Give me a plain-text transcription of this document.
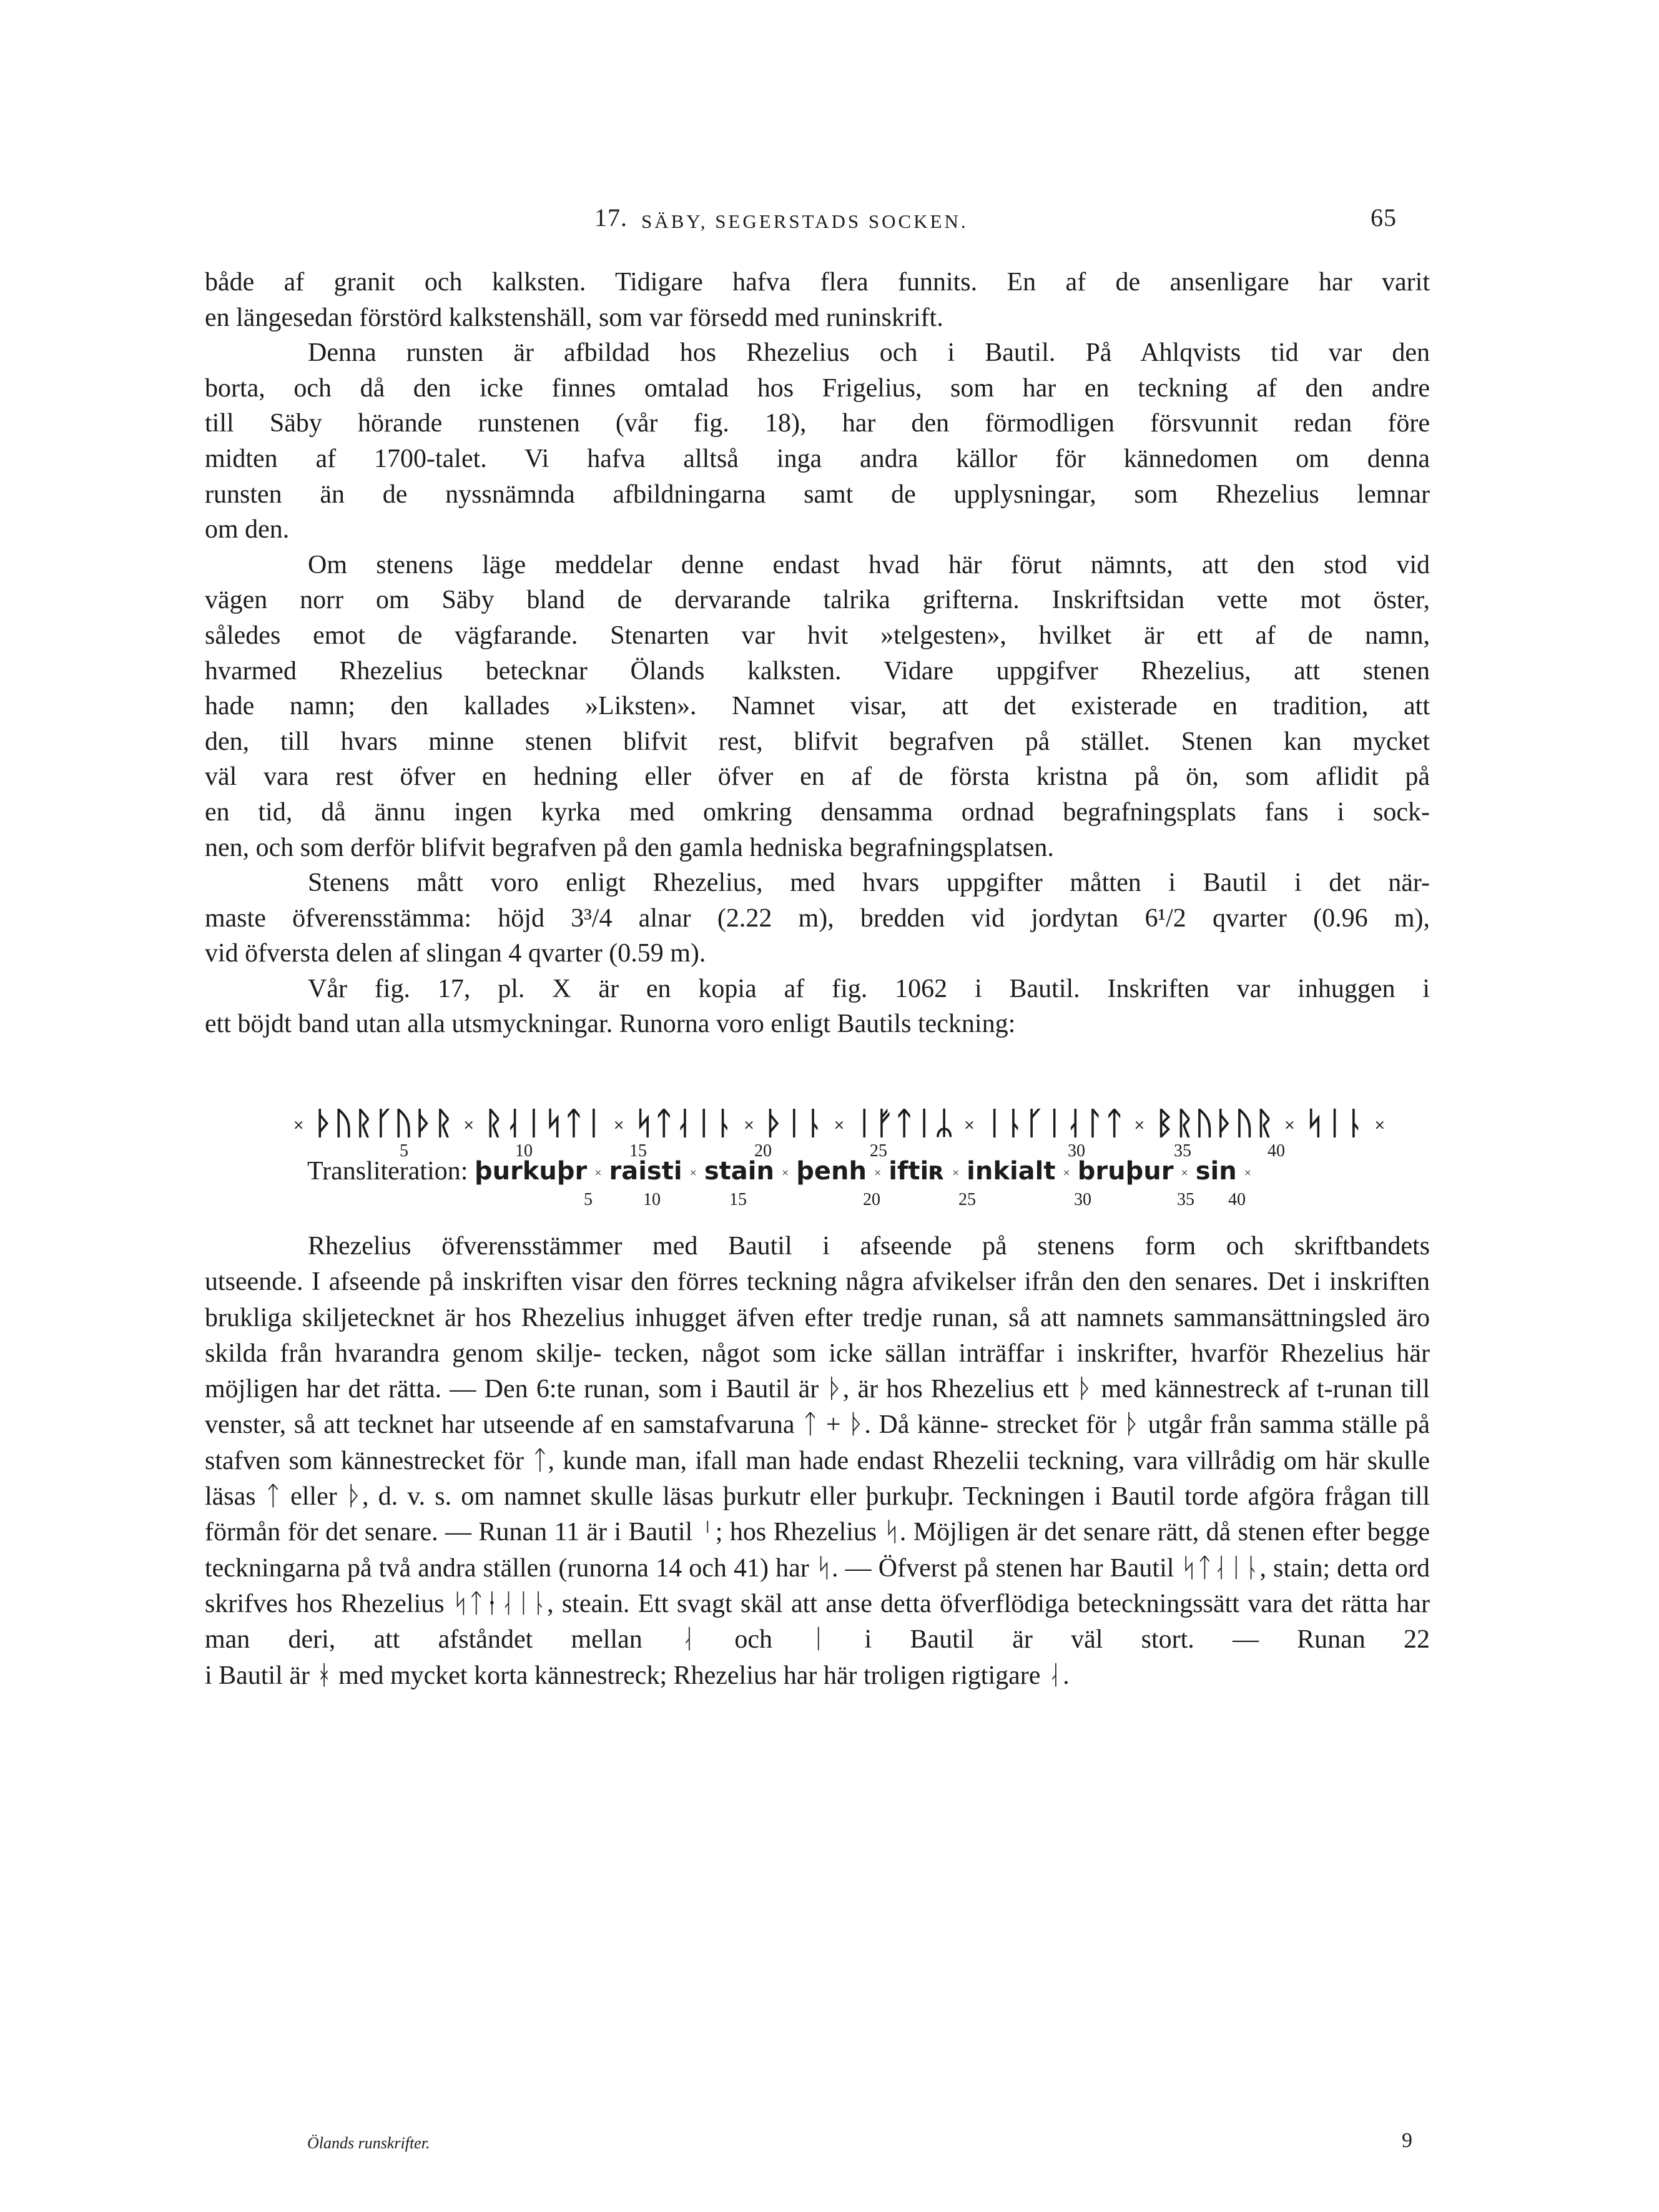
17. SÄBY, SEGERSTADS SOCKEN.	65

både af granit och kalksten. Tidigare hafva flera funnits. En af de ansenligare har varit
en längesedan förstörd kalkstenshäll, som var försedd med runinskrift.

Denna runsten är afbildad hos Rhezelius och i Bautil. På Ahlqvists tid var den

borta, och då den icke finnes omtalad hos Frigelius, som har en teckning af den andre
till Säby hörande runstenen (vår fig. 18), har den förmodligen försvunnit redan före
midten af 1700-talet. Vi hafva alltså inga andra källor för kännedomen om denna
runsten än de nyssnämnda afbildningarna samt de upplysningar, som Rhezelius lemnar
om den.

Om stenens läge meddelar denne endast hvad här förut nämnts, att den stod vid

vägen norr om Säby bland de dervarande talrika grifterna. Inskriftsidan vette mot öster,
således emot de vägfarande. Stenarten var hvit »telgesten», hvilket är ett af de namn,
hvarmed Rhezelius betecknar Ölands kalksten. Vidare uppgifver Rhezelius, att stenen
hade namn; den kallades »Liksten». Namnet visar, att det existerade en tradition, att
den, till hvars minne stenen blifvit rest, blifvit begrafven på stället. Stenen kan mycket
väl vara rest öfver en hedning eller öfver en af de första kristna på ön, som aflidit på
en tid, då ännu ingen kyrka med omkring densamma ordnad begrafningsplats fans i sock-
nen, och som derför blifvit begrafven på den gamla hedniska begrafningsplatsen.

Stenens mått voro enligt Rhezelius, med hvars uppgifter måtten i Bautil i det när-

maste öfverensstämma: höjd 3³/4 alnar (2.22 m), bredden vid jordytan 6¹/2 qvarter (0.96 m),
vid öfversta delen af slingan 4 qvarter (0.59 m).

Vår fig. 17, pl. X är en kopia af fig. 1062 i Bautil. Inskriften var inhuggen i

ett böjdt band utan alla utsmyckningar. Runorna voro enligt Bautils teckning:

× ᚦᚢᚱᚴᚢᚦᚱ × ᚱᛆᛁᛋᛏᛁ × ᛋᛏᛆᛁᚿ × ᚦᛁᚿ × ᛁᚠᛏᛁᛦ × ᛁᚿᚴᛁᛆᛚᛏ × ᛒᚱᚢᚦᚢᚱ × ᛋᛁᚿ ×
5	10	15	20	25	30	35	40
Transliteration: þurkuþr × raisti × stain × þenh × iftiʀ × inkialt × bruþur × sin ×
5	10	15	20	25	30	35 40

Rhezelius öfverensstämmer med Bautil i afseende på stenens form och skriftbandets

utseende. I afseende på inskriften visar den förres teckning några afvikelser ifrån den den senares. Det i inskriften brukliga skiljetecknet är hos Rhezelius inhugget äfven efter tredje runan, så att namnets sammansättningsled äro skilda från hvarandra genom skilje- tecken, något som icke sällan inträffar i inskrifter, hvarför Rhezelius här möjligen har det rätta. — Den 6:te runan, som i Bautil är ᚦ, är hos Rhezelius ett ᚦ med kännestreck af t-runan till venster, så att tecknet har utseende af en samstafvaruna ᛏ + ᚦ. Då känne- strecket för ᚦ utgår från samma ställe på stafven som kännestrecket för ᛏ, kunde man, ifall man hade endast Rhezelii teckning, vara villrådig om här skulle läsas ᛏ eller ᚦ, d. v. s. om namnet skulle läsas þurkutr eller þurkuþr. Teckningen i Bautil torde afgöra frågan till förmån för det senare. — Runan 11 är i Bautil ᛌ; hos Rhezelius ᛋ. Möjligen är det senare rätt, då stenen efter begge teckningarna på två andra ställen (runorna 14 och 41) har ᛋ. — Öfverst på stenen har Bautil ᛋᛏᛆᛁᚿ, stain; detta ord skrifves hos Rhezelius ᛋᛏᛂᛆᛁᚿ, steain. Ett svagt skäl att anse detta öfverflödiga beteckningssätt vara det rätta har man deri, att afståndet mellan ᛆ och ᛁ i Bautil är väl stort. — Runan 22
i Bautil är ᚼ med mycket korta kännestreck; Rhezelius har här troligen rigtigare ᛆ.

Ölands runskrifter.	9
